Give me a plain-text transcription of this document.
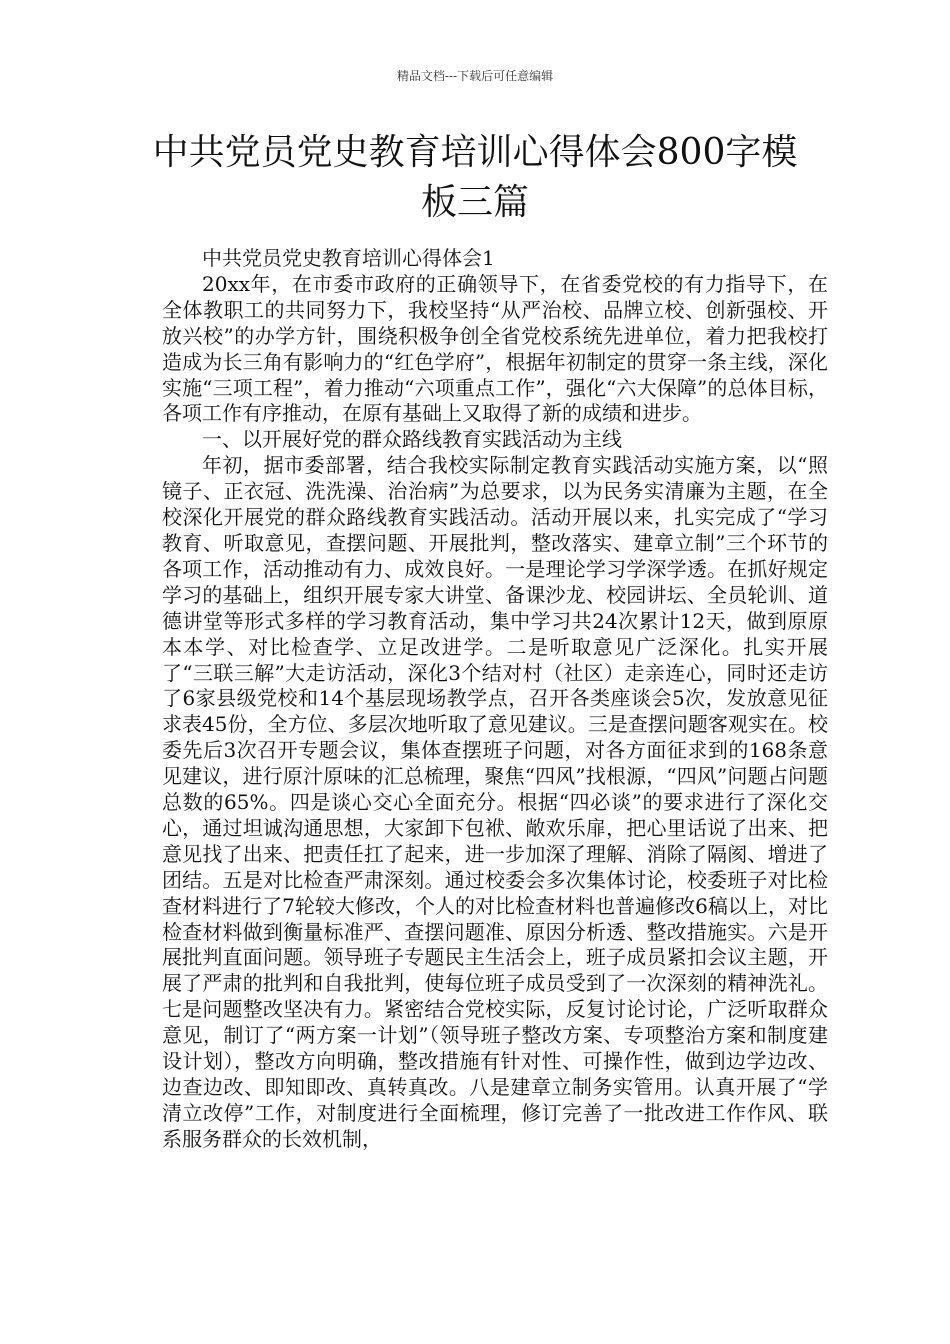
精品文档---下载后可任意编辑
中共党员党史教育培训心得体会800字模板三篇

中共党员党史教育培训心得体会1

20xx年，在市委市政府的正确领导下，在省委党校的有力指导下，在全体教职工的共同努力下，我校坚持“从严治校、品牌立校、创新强校、开放兴校”的办学方针，围绕积极争创全省党校系统先进单位，着力把我校打造成为长三角有影响力的“红色学府”，根据年初制定的贯穿一条主线，深化实施“三项工程”，着力推动“六项重点工作”，强化“六大保障”的总体目标，各项工作有序推动，在原有基础上又取得了新的成绩和进步。

一、以开展好党的群众路线教育实践活动为主线

年初，据市委部署，结合我校实际制定教育实践活动实施方案，以“照镜子、正衣冠、洗洗澡、治治病”为总要求，以为民务实清廉为主题，在全校深化开展党的群众路线教育实践活动。活动开展以来，扎实完成了“学习教育、听取意见，查摆问题、开展批判，整改落实、建章立制”三个环节的各项工作，活动推动有力、成效良好。一是理论学习学深学透。在抓好规定学习的基础上，组织开展专家大讲堂、备课沙龙、校园讲坛、全员轮训、道德讲堂等形式多样的学习教育活动，集中学习共24次累计12天，做到原原本本学、对比检查学、立足改进学。二是听取意见广泛深化。扎实开展了“三联三解”大走访活动，深化3个结对村（社区）走亲连心，同时还走访了6家县级党校和14个基层现场教学点，召开各类座谈会5次，发放意见征求表45份，全方位、多层次地听取了意见建议。三是查摆问题客观实在。校委先后3次召开专题会议，集体查摆班子问题，对各方面征求到的168条意见建议，进行原汁原味的汇总梳理，聚焦“四风”找根源，“四风”问题占问题总数的65%。四是谈心交心全面充分。根据“四必谈”的要求进行了深化交心，通过坦诚沟通思想，大家卸下包袱、敞欢乐扉，把心里话说了出来、把意见找了出来、把责任扛了起来，进一步加深了理解、消除了隔阂、增进了团结。五是对比检查严肃深刻。通过校委会多次集体讨论，校委班子对比检查材料进行了7轮较大修改，个人的对比检查材料也普遍修改6稿以上，对比检查材料做到衡量标准严、查摆问题准、原因分析透、整改措施实。六是开展批判直面问题。领导班子专题民主生活会上，班子成员紧扣会议主题，开展了严肃的批判和自我批判，使每位班子成员受到了一次深刻的精神洗礼。七是问题整改坚决有力。紧密结合党校实际，反复讨论讨论，广泛听取群众意见，制订了“两方案一计划”（领导班子整改方案、专项整治方案和制度建设计划），整改方向明确，整改措施有针对性、可操作性，做到边学边改、边查边改、即知即改、真转真改。八是建章立制务实管用。认真开展了“学清立改停”工作，对制度进行全面梳理，修订完善了一批改进工作作风、联系服务群众的长效机制，
